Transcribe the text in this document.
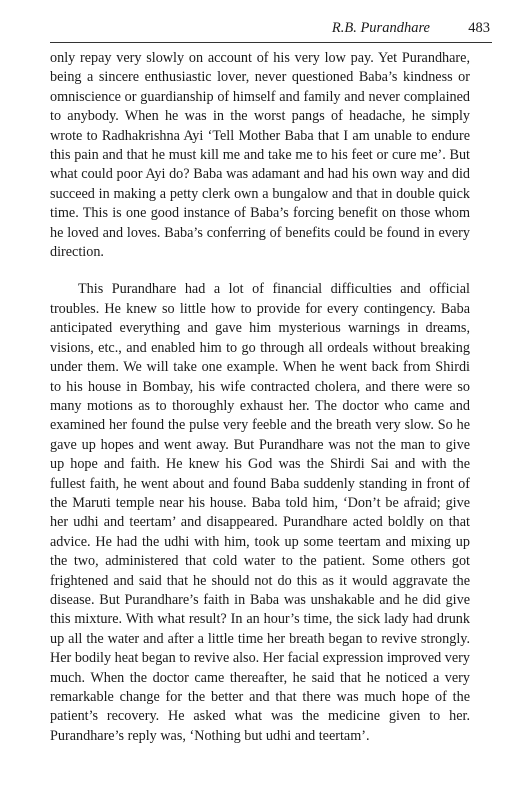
R.B. Purandhare	483

only repay very slowly on account of his very low pay. Yet Purandhare, being a sincere enthusiastic lover, never questioned Baba’s kindness or omniscience or guardianship of himself and family and never complained to anybody. When he was in the worst pangs of headache, he simply wrote to Radhakrishna Ayi ‘Tell Mother Baba that I am unable to endure this pain and that he must kill me and take me to his feet or cure me’. But what could poor Ayi do? Baba was adamant and had his own way and did succeed in making a petty clerk own a bungalow and that in double quick time. This is one good instance of Baba’s forcing benefit on those whom he loved and loves. Baba’s conferring of benefits could be found in every direction.

This Purandhare had a lot of financial difficulties and official troubles. He knew so little how to provide for every contingency. Baba anticipated everything and gave him mysterious warnings in dreams, visions, etc., and enabled him to go through all ordeals without breaking under them. We will take one example. When he went back from Shirdi to his house in Bombay, his wife contracted cholera, and there were so many motions as to thoroughly exhaust her. The doctor who came and examined her found the pulse very feeble and the breath very slow. So he gave up hopes and went away. But Purandhare was not the man to give up hope and faith. He knew his God was the Shirdi Sai and with the fullest faith, he went about and found Baba suddenly standing in front of the Maruti temple near his house. Baba told him, ‘Don’t be afraid; give her udhi and teertam’ and disappeared. Purandhare acted boldly on that advice. He had the udhi with him, took up some teertam and mixing up the two, administered that cold water to the patient. Some others got frightened and said that he should not do this as it would aggravate the disease. But Purandhare’s faith in Baba was unshakable and he did give this mixture. With what result? In an hour’s time, the sick lady had drunk up all the water and after a little time her breath began to revive strongly. Her bodily heat began to revive also. Her facial expression improved very much. When the doctor came thereafter, he said that he noticed a very remarkable change for the better and that there was much hope of the patient’s recovery. He asked what was the medicine given to her. Purandhare’s reply was, ‘Nothing but udhi and teertam’.
